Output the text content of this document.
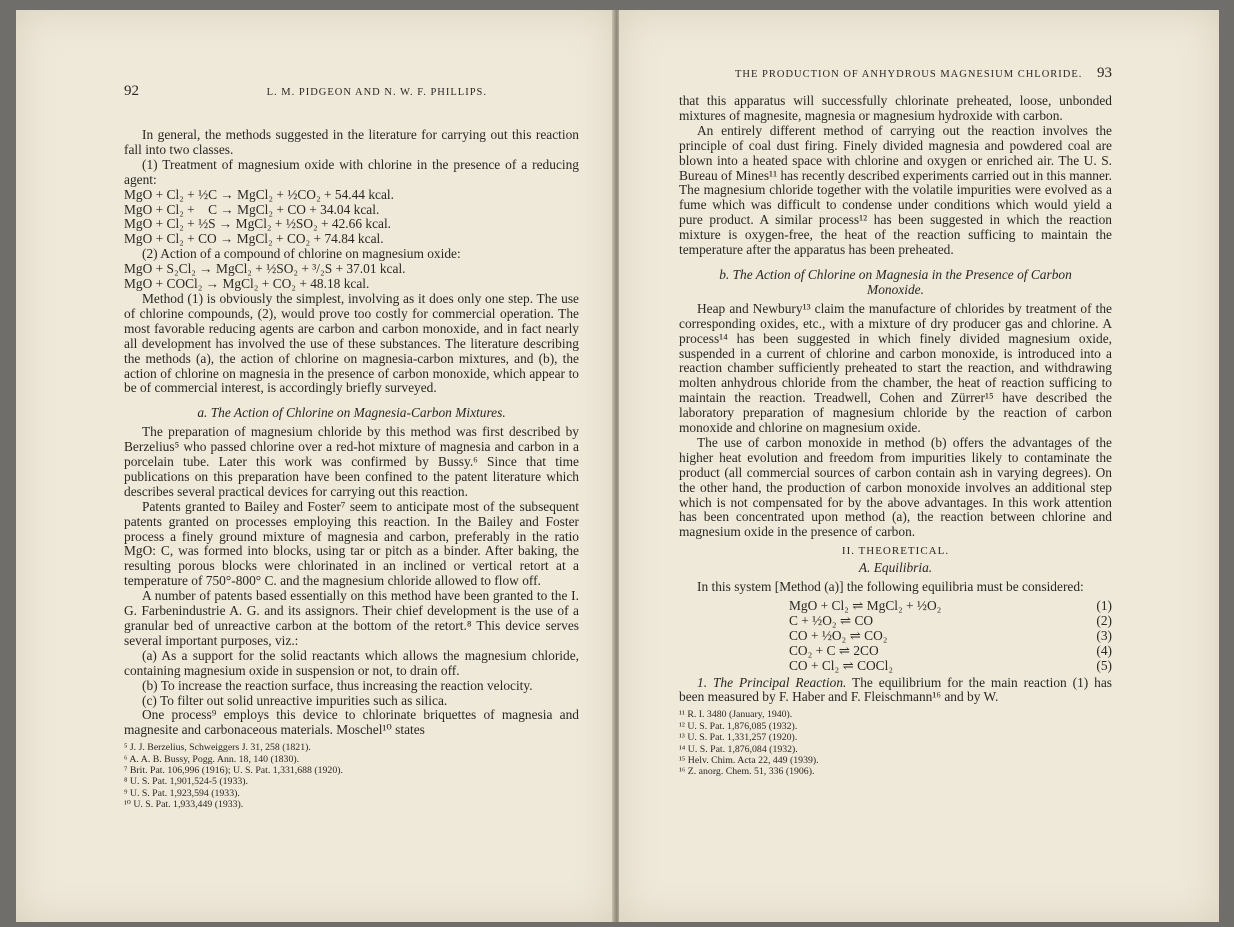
92	L. M. PIDGEON AND N. W. F. PHILLIPS.

In general, the methods suggested in the literature for carrying out this reaction fall into two classes.

(1) Treatment of magnesium oxide with chlorine in the presence of a reducing agent:

MgO + Cl₂ + ½C → MgCl₂ + ½CO₂ + 54.44 kcal.
MgO + Cl₂ +    C → MgCl₂ + CO + 34.04 kcal.
MgO + Cl₂ + ½S → MgCl₂ + ½SO₂ + 42.66 kcal.
MgO + Cl₂ + CO → MgCl₂ + CO₂ + 74.84 kcal.

(2) Action of a compound of chlorine on magnesium oxide:

MgO + S₂Cl₂ → MgCl₂ + ½SO₂ + ³/₂S + 37.01 kcal.
MgO + COCl₂ → MgCl₂ + CO₂ + 48.18 kcal.

Method (1) is obviously the simplest, involving as it does only one step. The use of chlorine compounds, (2), would prove too costly for commercial operation. The most favorable reducing agents are carbon and carbon monoxide, and in fact nearly all development has involved the use of these substances. The literature describing the methods (a), the action of chlorine on magnesia-carbon mixtures, and (b), the action of chlorine on magnesia in the presence of carbon monoxide, which appear to be of commercial interest, is accordingly briefly surveyed.

a. The Action of Chlorine on Magnesia-Carbon Mixtures.

The preparation of magnesium chloride by this method was first described by Berzelius⁵ who passed chlorine over a red-hot mixture of magnesia and carbon in a porcelain tube. Later this work was confirmed by Bussy.⁶ Since that time publications on this preparation have been confined to the patent literature which describes several practical devices for carrying out this reaction.

Patents granted to Bailey and Foster⁷ seem to anticipate most of the subsequent patents granted on processes employing this reaction. In the Bailey and Foster process a finely ground mixture of magnesia and carbon, preferably in the ratio MgO: C, was formed into blocks, using tar or pitch as a binder. After baking, the resulting porous blocks were chlorinated in an inclined or vertical retort at a temperature of 750°-800° C. and the magnesium chloride allowed to flow off.

A number of patents based essentially on this method have been granted to the I. G. Farbenindustrie A. G. and its assignors. Their chief development is the use of a granular bed of unreactive carbon at the bottom of the retort.⁸ This device serves several important purposes, viz.:

(a) As a support for the solid reactants which allows the magnesium chloride, containing magnesium oxide in suspension or not, to drain off.

(b) To increase the reaction surface, thus increasing the reaction velocity.

(c) To filter out solid unreactive impurities such as silica.

One process⁹ employs this device to chlorinate briquettes of magnesia and magnesite and carbonaceous materials. Moschel¹⁰ states

⁵ J. J. Berzelius, Schweiggers J. 31, 258 (1821).
⁶ A. A. B. Bussy, Pogg. Ann. 18, 140 (1830).
⁷ Brit. Pat. 106,996 (1916); U. S. Pat. 1,331,688 (1920).
⁸ U. S. Pat. 1,901,524-5 (1933).
⁹ U. S. Pat. 1,923,594 (1933).
¹⁰ U. S. Pat. 1,933,449 (1933).
THE PRODUCTION OF ANHYDROUS MAGNESIUM CHLORIDE. 93

that this apparatus will successfully chlorinate preheated, loose, unbonded mixtures of magnesite, magnesia or magnesium hydroxide with carbon.

An entirely different method of carrying out the reaction involves the principle of coal dust firing. Finely divided magnesia and powdered coal are blown into a heated space with chlorine and oxygen or enriched air. The U. S. Bureau of Mines¹¹ has recently described experiments carried out in this manner. The magnesium chloride together with the volatile impurities were evolved as a fume which was difficult to condense under conditions which would yield a pure product. A similar process¹² has been suggested in which the reaction mixture is oxygen-free, the heat of the reaction sufficing to maintain the temperature after the apparatus has been preheated.

b. The Action of Chlorine on Magnesia in the Presence of Carbon Monoxide.

Heap and Newbury¹³ claim the manufacture of chlorides by treatment of the corresponding oxides, etc., with a mixture of dry producer gas and chlorine. A process¹⁴ has been suggested in which finely divided magnesium oxide, suspended in a current of chlorine and carbon monoxide, is introduced into a reaction chamber sufficiently preheated to start the reaction, and withdrawing molten anhydrous chloride from the chamber, the heat of reaction sufficing to maintain the reaction. Treadwell, Cohen and Zürrer¹⁵ have described the laboratory preparation of magnesium chloride by the reaction of carbon monoxide and chlorine on magnesium oxide.

The use of carbon monoxide in method (b) offers the advantages of the higher heat evolution and freedom from impurities likely to contaminate the product (all commercial sources of carbon contain ash in varying degrees). On the other hand, the production of carbon monoxide involves an additional step which is not compensated for by the above advantages. In this work attention has been concentrated upon method (a), the reaction between chlorine and magnesium oxide in the presence of carbon.

II. THEORETICAL.
A. Equilibria.

In this system [Method (a)] the following equilibria must be considered:

MgO + Cl₂ ⇌ MgCl₂ + ½O₂	(1)
C + ½O₂ ⇌ CO	(2)
CO + ½O₂ ⇌ CO₂	(3)
CO₂ + C ⇌ 2CO	(4)
CO + Cl₂ ⇌ COCl₂	(5)

1. The Principal Reaction. The equilibrium for the main reaction (1) has been measured by F. Haber and F. Fleischmann¹⁶ and by W.

¹¹ R. I. 3480 (January, 1940).
¹² U. S. Pat. 1,876,085 (1932).
¹³ U. S. Pat. 1,331,257 (1920).
¹⁴ U. S. Pat. 1,876,084 (1932).
¹⁵ Helv. Chim. Acta 22, 449 (1939).
¹⁶ Z. anorg. Chem. 51, 336 (1906).
